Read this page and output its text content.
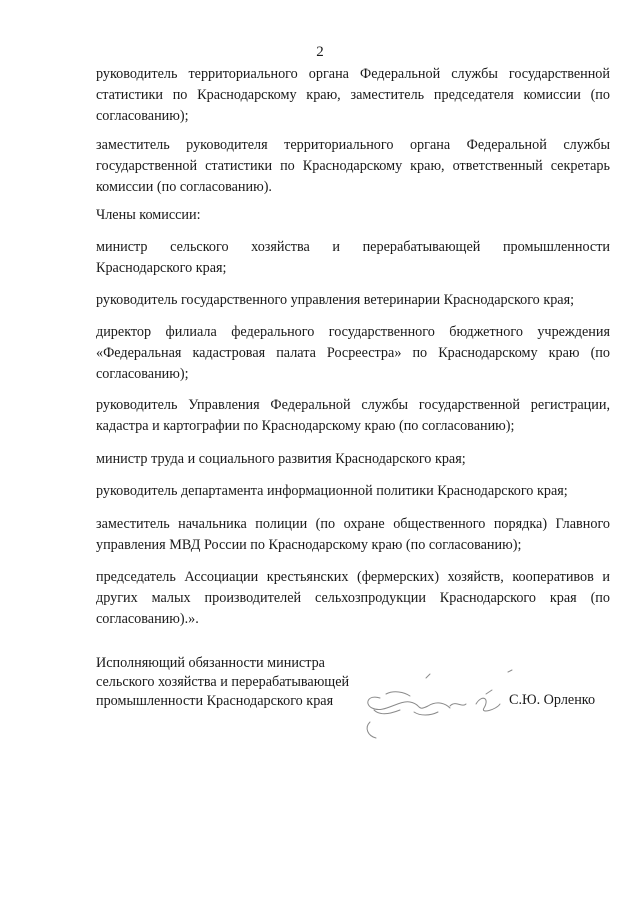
2

руководитель территориального органа Федеральной службы государственной статистики по Краснодарскому краю, заместитель председателя комиссии (по согласованию);

заместитель руководителя территориального органа Федеральной службы государственной статистики по Краснодарскому краю, ответственный секретарь комиссии (по согласованию).

Члены комиссии:

министр сельского хозяйства и перерабатывающей промышленности Краснодарского края;

руководитель государственного управления ветеринарии Краснодарского края;

директор филиала федерального государственного бюджетного учреждения «Федеральная кадастровая палата Росреестра» по Краснодарскому краю (по согласованию);

руководитель Управления Федеральной службы государственной регистрации, кадастра и картографии по Краснодарскому краю (по согласованию);

министр труда и социального развития Краснодарского края;

руководитель департамента информационной политики Краснодарского края;

заместитель начальника полиции (по охране общественного порядка) Главного управления МВД России по Краснодарскому краю (по согласованию);

председатель Ассоциации крестьянских (фермерских) хозяйств, кооперативов и других малых производителей сельхозпродукции Краснодарского края (по согласованию).».

Исполняющий обязанности министра
сельского хозяйства и перерабатывающей
промышленности Краснодарского края	С.Ю. Орленко
